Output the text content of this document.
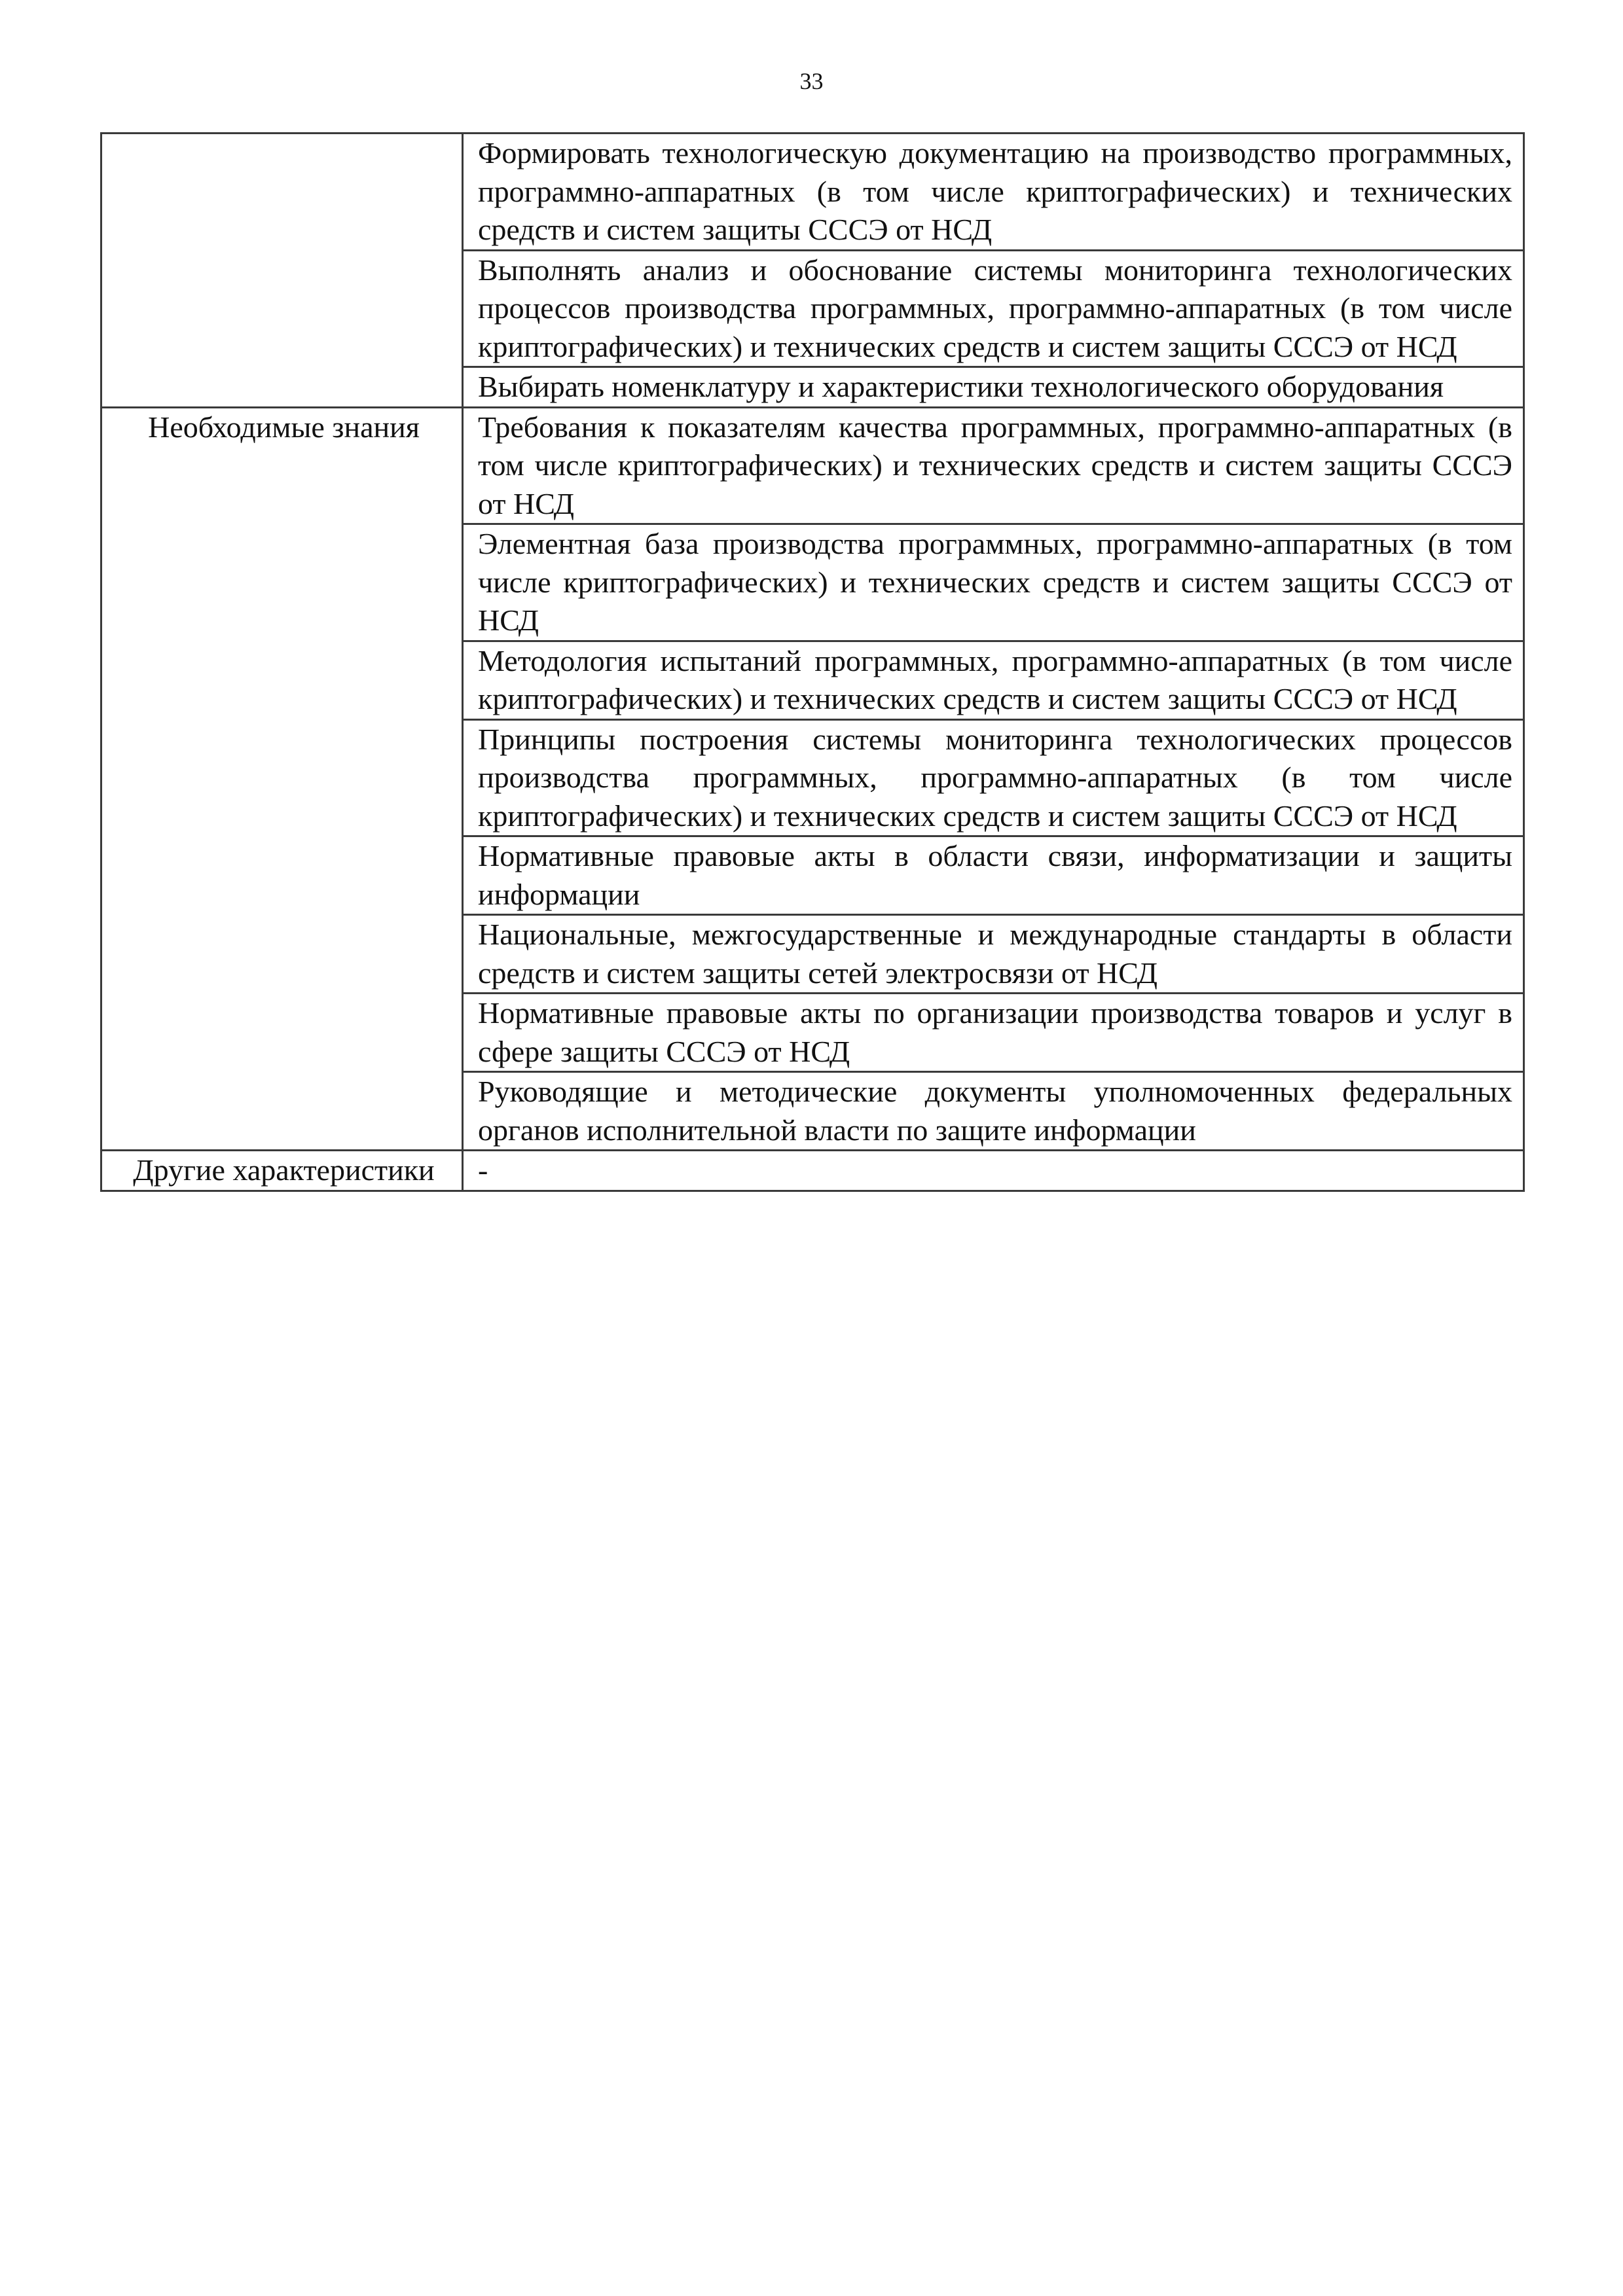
33
	Формировать технологическую документацию на производство программных, программно-аппаратных (в том числе криптографических) и технических средств и систем защиты СССЭ от НСД
	Выполнять анализ и обоснование системы мониторинга технологических процессов производства программных, программно-аппаратных (в том числе криптографических) и технических средств и систем защиты СССЭ от НСД
	Выбирать номенклатуру и характеристики технологического оборудования
Необходимые знания	Требования к показателям качества программных, программно-аппаратных (в том числе криптографических) и технических средств и систем защиты СССЭ от НСД
	Элементная база производства программных, программно-аппаратных (в том числе криптографических) и технических средств и систем защиты СССЭ от НСД
	Методология испытаний программных, программно-аппаратных (в том числе криптографических) и технических средств и систем защиты СССЭ от НСД
	Принципы построения системы мониторинга технологических процессов производства программных, программно-аппаратных (в том числе криптографических) и технических средств и систем защиты СССЭ от НСД
	Нормативные правовые акты в области связи, информатизации и защиты информации
	Национальные, межгосударственные и международные стандарты в области средств и систем защиты сетей электросвязи от НСД
	Нормативные правовые акты по организации производства товаров и услуг в сфере защиты СССЭ от НСД
	Руководящие и методические документы уполномоченных федеральных органов исполнительной власти по защите информации
Другие характеристики	-
